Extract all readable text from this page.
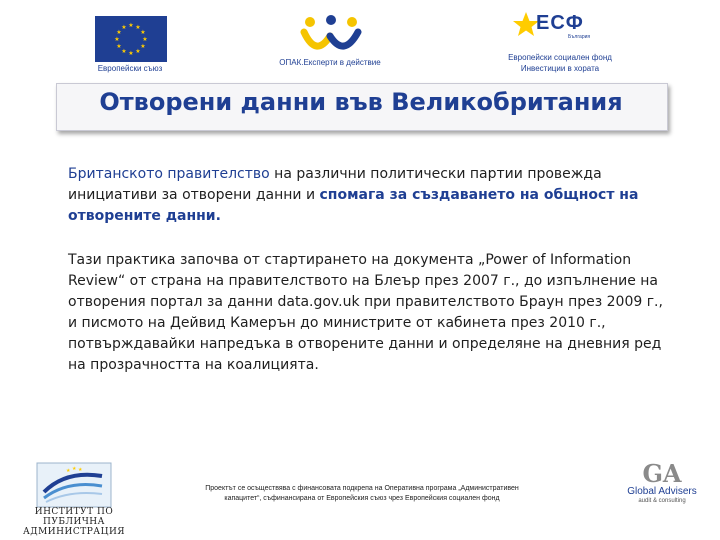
★ ★
★
★
★
★
★
★
★
★
★
★
Европейски съюз
ОПАК.Експерти в действие
ЕСФ
България
Европейски социален фонд
Инвестиции в хората
Отворени данни във Великобритания
Британското правителство на различни политически партии провежда инициативи за отворени данни и спомага за създаването на общност на отворените данни.
Тази практика започва от стартирането на документа „Power of Information Review“ от страна на правителството на Блеър през 2007 г., до изпълнение на отворения портал за данни data.gov.uk при правителството Браун през 2009 г., и писмото на Дейвид Камерън до министрите от кабинета през 2010 г., потвърждавайки напредъка в отворените данни и определяне на дневния ред на прозрачността на коалицията.
★ ★ ★
ИНСТИТУТ ПО ПУБЛИЧНА
АДМИНИСТРАЦИЯ
Проектът се осъществява с финансовата подкрепа на Оперативна програма „Административен
капацитет“, съфинансирана от Европейския съюз чрез Европейския социален фонд
GA
Global Advisers
audit & consulting
